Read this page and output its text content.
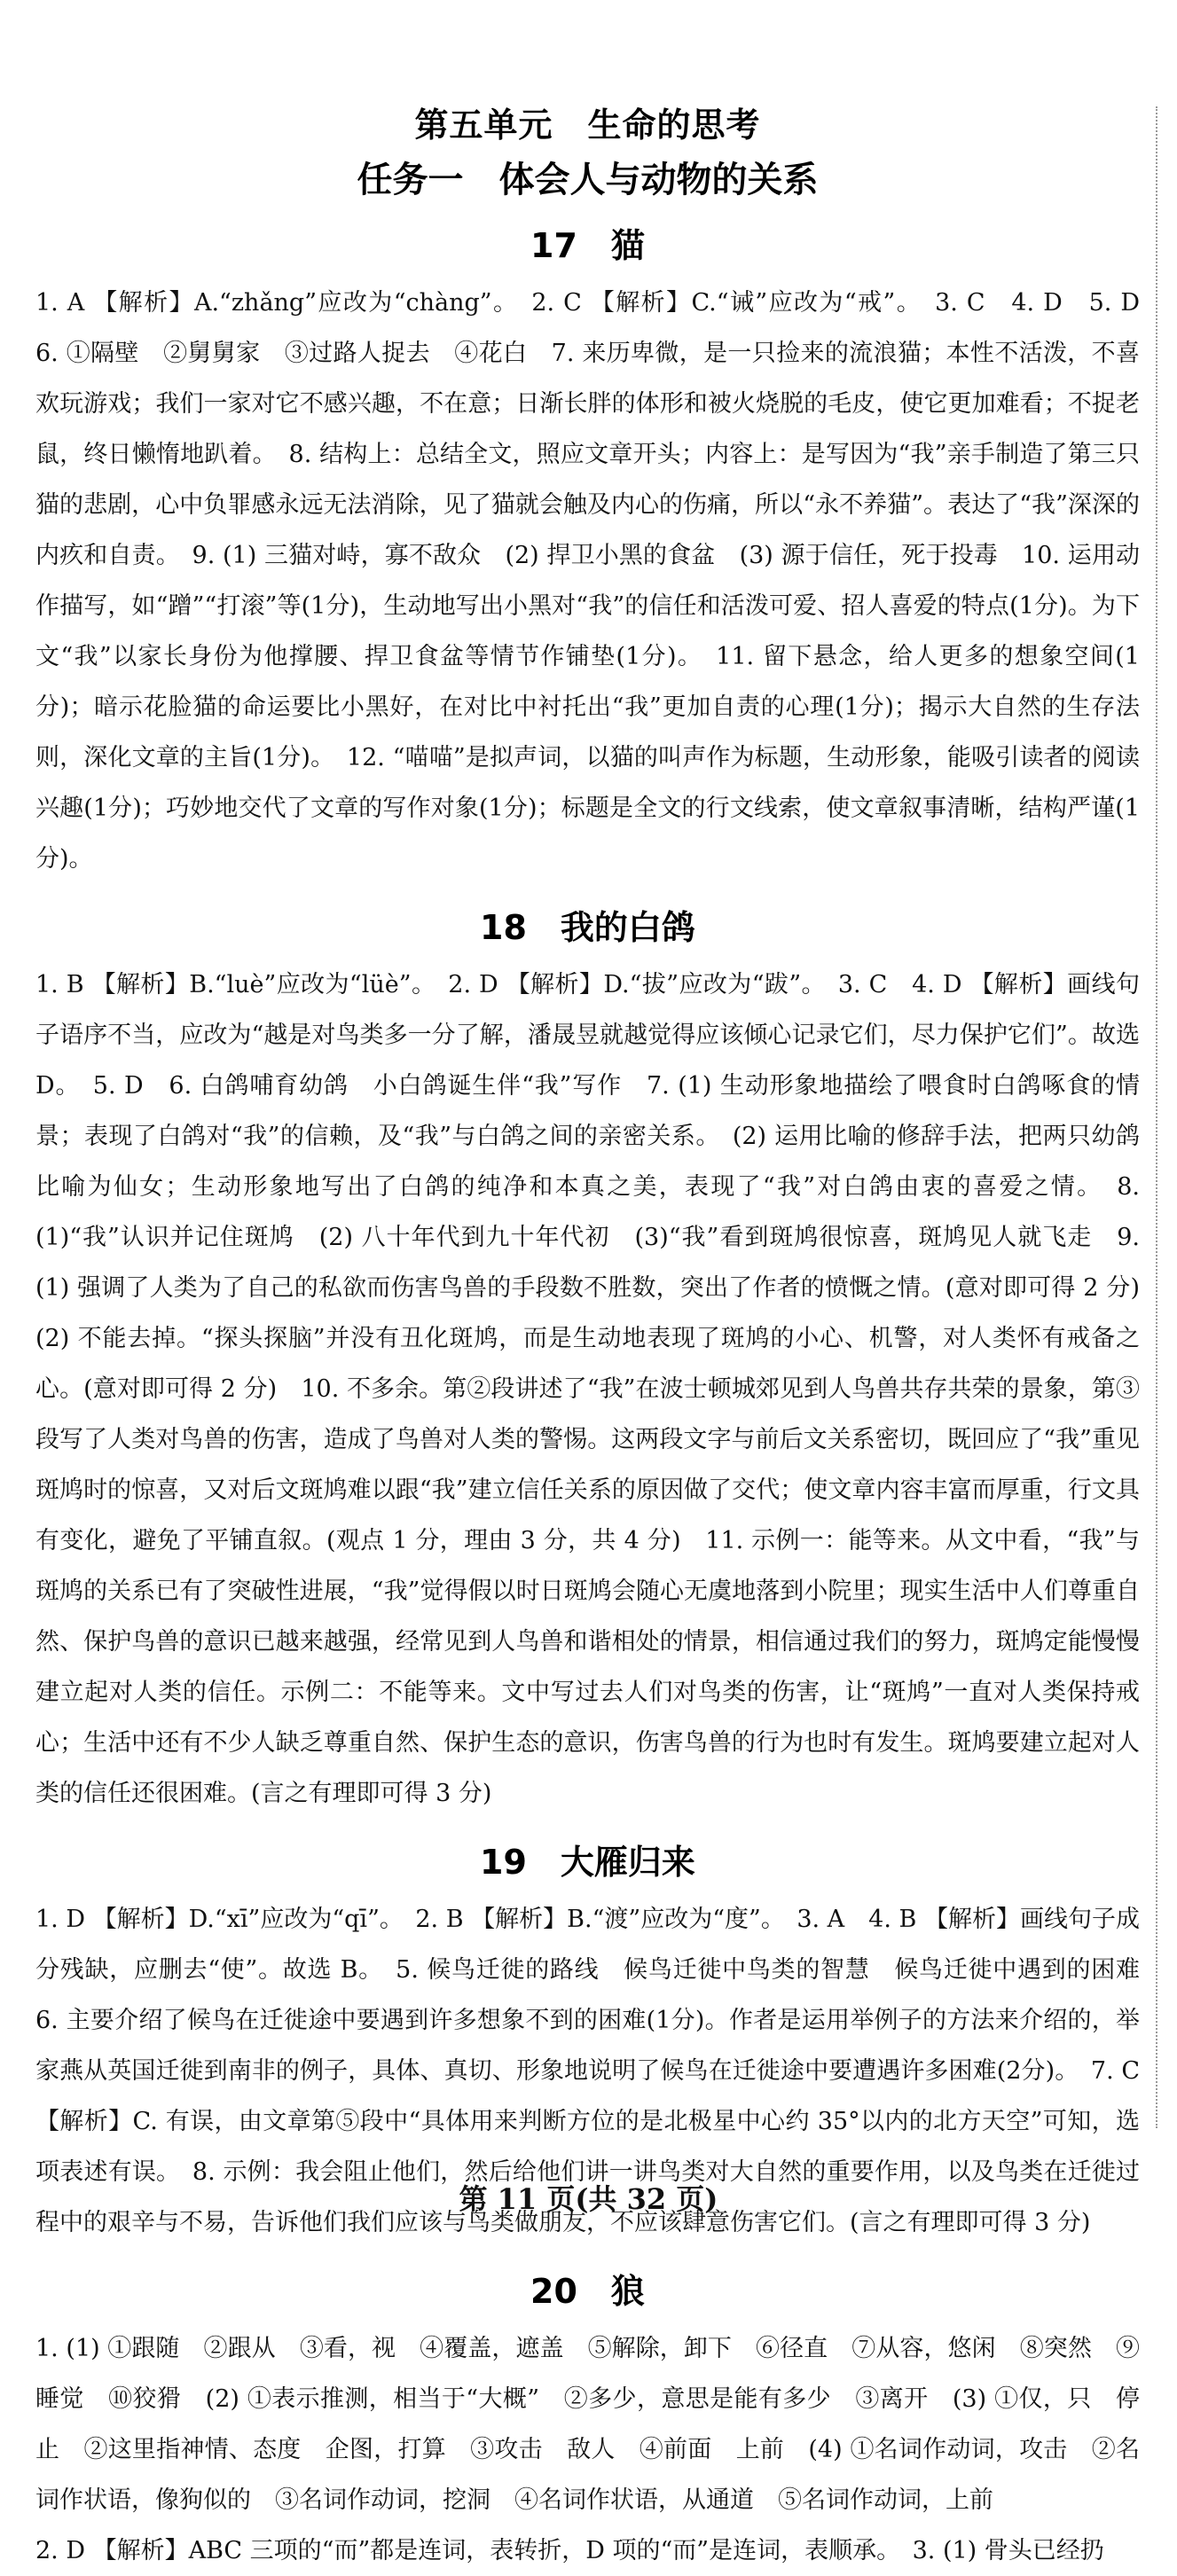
第五单元　生命的思考
任务一　体会人与动物的关系
17　猫

1. A 【解析】A.“zhǎng”应改为“chàng”。　2. C 【解析】C.“诫”应改为“戒”。　3. C　4. D　5. D　6. ①隔壁　②舅舅家　③过路人捉去　④花白　7. 来历卑微，是一只捡来的流浪猫；本性不活泼，不喜欢玩游戏；我们一家对它不感兴趣，不在意；日渐长胖的体形和被火烧脱的毛皮，使它更加难看；不捉老鼠，终日懒惰地趴着。　8. 结构上：总结全文，照应文章开头；内容上：是写因为“我”亲手制造了第三只猫的悲剧，心中负罪感永远无法消除，见了猫就会触及内心的伤痛，所以“永不养猫”。表达了“我”深深的内疚和自责。　9. (1) 三猫对峙，寡不敌众　(2) 捍卫小黑的食盆　(3) 源于信任，死于投毒　10. 运用动作描写，如“蹭”“打滚”等(1分)，生动地写出小黑对“我”的信任和活泼可爱、招人喜爱的特点(1分)。为下文“我”以家长身份为他撑腰、捍卫食盆等情节作铺垫(1分)。　11. 留下悬念，给人更多的想象空间(1分)；暗示花脸猫的命运要比小黑好，在对比中衬托出“我”更加自责的心理(1分)；揭示大自然的生存法则，深化文章的主旨(1分)。　12. “喵喵”是拟声词，以猫的叫声作为标题，生动形象，能吸引读者的阅读兴趣(1分)；巧妙地交代了文章的写作对象(1分)；标题是全文的行文线索，使文章叙事清晰，结构严谨(1分)。

18　我的白鸽

1. B 【解析】B.“luè”应改为“lüè”。　2. D 【解析】D.“拔”应改为“跋”。　3. C　4. D 【解析】画线句子语序不当，应改为“越是对鸟类多一分了解，潘晟昱就越觉得应该倾心记录它们，尽力保护它们”。故选 D。　5. D　6. 白鸽哺育幼鸽　小白鸽诞生伴“我”写作　7. (1) 生动形象地描绘了喂食时白鸽啄食的情景；表现了白鸽对“我”的信赖，及“我”与白鸽之间的亲密关系。　(2) 运用比喻的修辞手法，把两只幼鸽比喻为仙女；生动形象地写出了白鸽的纯净和本真之美，表现了“我”对白鸽由衷的喜爱之情。　8. (1)“我”认识并记住斑鸠　(2) 八十年代到九十年代初　(3)“我”看到斑鸠很惊喜，斑鸠见人就飞走　9. (1) 强调了人类为了自己的私欲而伤害鸟兽的手段数不胜数，突出了作者的愤慨之情。(意对即可得 2 分)　(2) 不能去掉。“探头探脑”并没有丑化斑鸠，而是生动地表现了斑鸠的小心、机警，对人类怀有戒备之心。(意对即可得 2 分)　10. 不多余。第②段讲述了“我”在波士顿城郊见到人鸟兽共存共荣的景象，第③段写了人类对鸟兽的伤害，造成了鸟兽对人类的警惕。这两段文字与前后文关系密切，既回应了“我”重见斑鸠时的惊喜，又对后文斑鸠难以跟“我”建立信任关系的原因做了交代；使文章内容丰富而厚重，行文具有变化，避免了平铺直叙。(观点 1 分，理由 3 分，共 4 分)　11. 示例一：能等来。从文中看，“我”与斑鸠的关系已有了突破性进展，“我”觉得假以时日斑鸠会随心无虞地落到小院里；现实生活中人们尊重自然、保护鸟兽的意识已越来越强，经常见到人鸟兽和谐相处的情景，相信通过我们的努力，斑鸠定能慢慢建立起对人类的信任。示例二：不能等来。文中写过去人们对鸟类的伤害，让“斑鸠”一直对人类保持戒心；生活中还有不少人缺乏尊重自然、保护生态的意识，伤害鸟兽的行为也时有发生。斑鸠要建立起对人类的信任还很困难。(言之有理即可得 3 分)

19　大雁归来

1. D 【解析】D.“xī”应改为“qī”。　2. B 【解析】B.“渡”应改为“度”。　3. A　4. B 【解析】画线句子成分残缺，应删去“使”。故选 B。　5. 候鸟迁徙的路线　候鸟迁徙中鸟类的智慧　候鸟迁徙中遇到的困难　6. 主要介绍了候鸟在迁徙途中要遇到许多想象不到的困难(1分)。作者是运用举例子的方法来介绍的，举家燕从英国迁徙到南非的例子，具体、真切、形象地说明了候鸟在迁徙途中要遭遇许多困难(2分)。　7. C 【解析】C. 有误，由文章第⑤段中“具体用来判断方位的是北极星中心约 35°以内的北方天空”可知，选项表述有误。　8. 示例：我会阻止他们，然后给他们讲一讲鸟类对大自然的重要作用，以及鸟类在迁徙过程中的艰辛与不易，告诉他们我们应该与鸟类做朋友，不应该肆意伤害它们。(言之有理即可得 3 分)

20　狼

1. (1) ①跟随　②跟从　③看，视　④覆盖，遮盖　⑤解除，卸下　⑥径直　⑦从容，悠闲　⑧突然　⑨睡觉　⑩狡猾　(2) ①表示推测，相当于“大概”　②多少，意思是能有多少　③离开　(3) ①仅，只　停止　②这里指神情、态度　企图，打算　③攻击　敌人　④前面　上前　(4) ①名词作动词，攻击　②名词作状语，像狗似的　③名词作动词，挖洞　④名词作状语，从通道　⑤名词作动词，上前
2. D 【解析】ABC 三项的“而”都是连词，表转折，D 项的“而”是连词，表顺承。　3. (1) 骨头已经扔

第 11 页(共 32 页)
